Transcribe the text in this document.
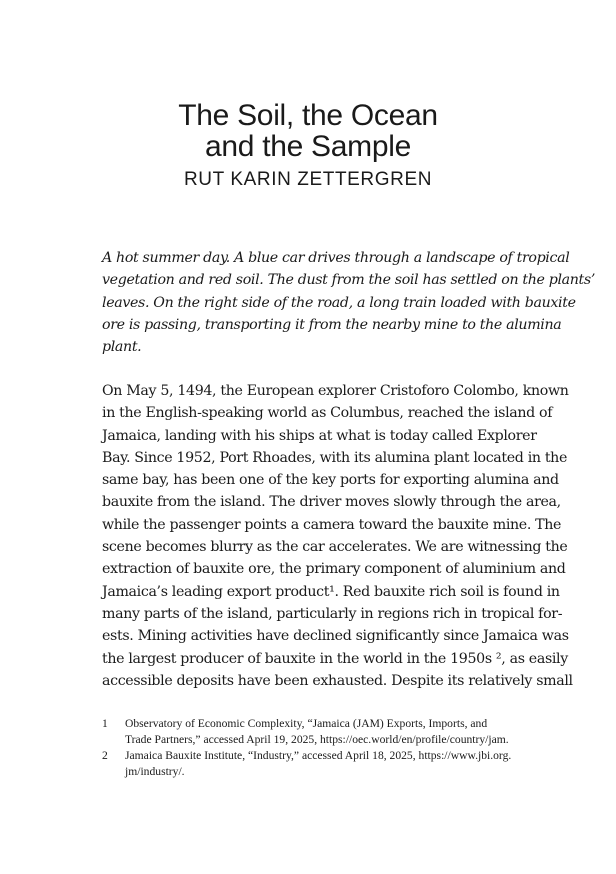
The Soil, the Ocean
and the Sample
RUT KARIN ZETTERGREN
A hot summer day. A blue car drives through a landscape of tropical
vegetation and red soil. The dust from the soil has settled on the plants’
leaves. On the right side of the road, a long train loaded with bauxite
ore is passing, transporting it from the nearby mine to the alumina
plant.
On May 5, 1494, the European explorer Cristoforo Colombo, known
in the English-speaking world as Columbus, reached the island of
Jamaica, landing with his ships at what is today called Explorer
Bay. Since 1952, Port Rhoades, with its alumina plant located in the
same bay, has been one of the key ports for exporting alumina and
bauxite from the island. The driver moves slowly through the area,
while the passenger points a camera toward the bauxite mine. The
scene becomes blurry as the car accelerates. We are witnessing the
extraction of bauxite ore, the primary component of aluminium and
Jamaica’s leading export product¹. Red bauxite rich soil is found in
many parts of the island, particularly in regions rich in tropical for-
ests. Mining activities have declined significantly since Jamaica was
the largest producer of bauxite in the world in the 1950s ², as easily
accessible deposits have been exhausted. Despite its relatively small
1 Observatory of Economic Complexity, “Jamaica (JAM) Exports, Imports, and
Trade Partners,” accessed April 19, 2025, https://oec.world/en/profile/country/jam.
2 Jamaica Bauxite Institute, “Industry,” accessed April 18, 2025, https://www.jbi.org.
jm/industry/.
